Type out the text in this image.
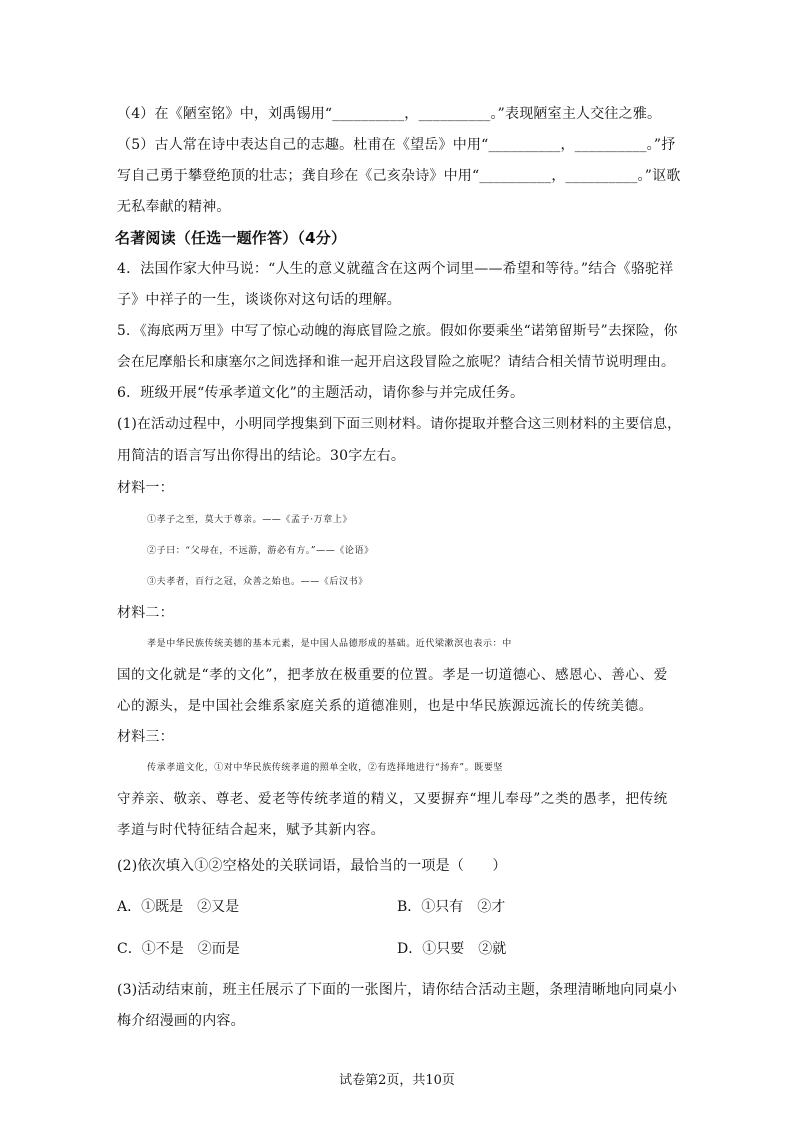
（4）在《陋室铭》中，刘禹锡用“__________，__________。”表现陋室主人交往之雅。
（5）古人常在诗中表达自己的志趣。杜甫在《望岳》中用“__________，__________。”抒
写自己勇于攀登绝顶的壮志；龚自珍在《己亥杂诗》中用“__________，__________。”讴歌
无私奉献的精神。
名著阅读（任选一题作答）（4分）
4．法国作家大仲马说：“人生的意义就蕴含在这两个词里——希望和等待。”结合《骆驼祥
子》中祥子的一生，谈谈你对这句话的理解。
5．《海底两万里》中写了惊心动魄的海底冒险之旅。假如你要乘坐“诺第留斯号”去探险，你
会在尼摩船长和康塞尔之间选择和谁一起开启这段冒险之旅呢？请结合相关情节说明理由。
6．班级开展“传承孝道文化”的主题活动，请你参与并完成任务。
(1)在活动过程中，小明同学搜集到下面三则材料。请你提取并整合这三则材料的主要信息，
用简洁的语言写出你得出的结论。30字左右。
材料一：
①孝子之至，莫大于尊亲。——《孟子·万章上》
②子曰：“父母在，不远游，游必有方。”——《论语》
③夫孝者，百行之冠，众善之始也。——《后汉书》
材料二：
孝是中华民族传统美德的基本元素，是中国人品德形成的基础。近代梁漱溟也表示：中
国的文化就是“孝的文化”，把孝放在极重要的位置。孝是一切道德心、感恩心、善心、爱
心的源头，是中国社会维系家庭关系的道德准则，也是中华民族源远流长的传统美德。
材料三：
传承孝道文化，①对中华民族传统孝道的照单全收，②有选择地进行“扬弃”。既要坚
守养亲、敬亲、尊老、爱老等传统孝道的精义，又要摒弃“埋儿奉母”之类的愚孝，把传统
孝道与时代特征结合起来，赋予其新内容。
(2)依次填入①②空格处的关联词语，最恰当的一项是（　　）
A．①既是　②又是	B．①只有　②才
C．①不是　②而是	D．①只要　②就
(3)活动结束前，班主任展示了下面的一张图片，请你结合活动主题，条理清晰地向同桌小
梅介绍漫画的内容。
试卷第2页，共10页
